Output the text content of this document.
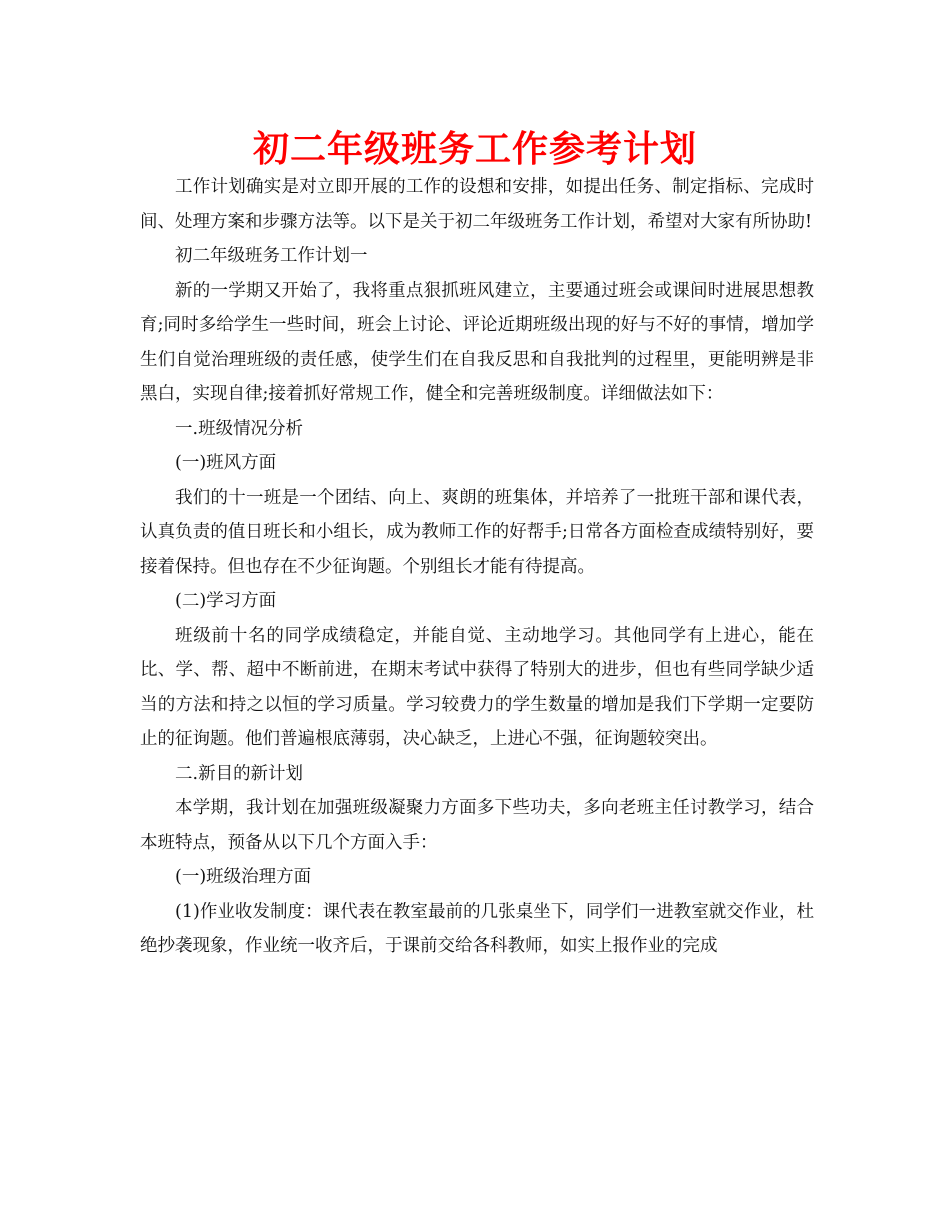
初二年级班务工作参考计划

工作计划确实是对立即开展的工作的设想和安排，如提出任务、制定指标、完成时间、处理方案和步骤方法等。以下是关于初二年级班务工作计划，希望对大家有所协助!

初二年级班务工作计划一

新的一学期又开始了，我将重点狠抓班风建立，主要通过班会或课间时进展思想教育;同时多给学生一些时间，班会上讨论、评论近期班级出现的好与不好的事情，增加学生们自觉治理班级的责任感，使学生们在自我反思和自我批判的过程里，更能明辨是非黑白，实现自律;接着抓好常规工作，健全和完善班级制度。详细做法如下：

一.班级情况分析

(一)班风方面

我们的十一班是一个团结、向上、爽朗的班集体，并培养了一批班干部和课代表，认真负责的值日班长和小组长，成为教师工作的好帮手;日常各方面检查成绩特别好，要接着保持。但也存在不少征询题。个别组长才能有待提高。

(二)学习方面

班级前十名的同学成绩稳定，并能自觉、主动地学习。其他同学有上进心，能在比、学、帮、超中不断前进，在期末考试中获得了特别大的进步，但也有些同学缺少适当的方法和持之以恒的学习质量。学习较费力的学生数量的增加是我们下学期一定要防止的征询题。他们普遍根底薄弱，决心缺乏，上进心不强，征询题较突出。

二.新目的新计划

本学期，我计划在加强班级凝聚力方面多下些功夫，多向老班主任讨教学习，结合本班特点，预备从以下几个方面入手：

(一)班级治理方面

(1)作业收发制度：课代表在教室最前的几张桌坐下，同学们一进教室就交作业，杜绝抄袭现象，作业统一收齐后，于课前交给各科教师，如实上报作业的完成
